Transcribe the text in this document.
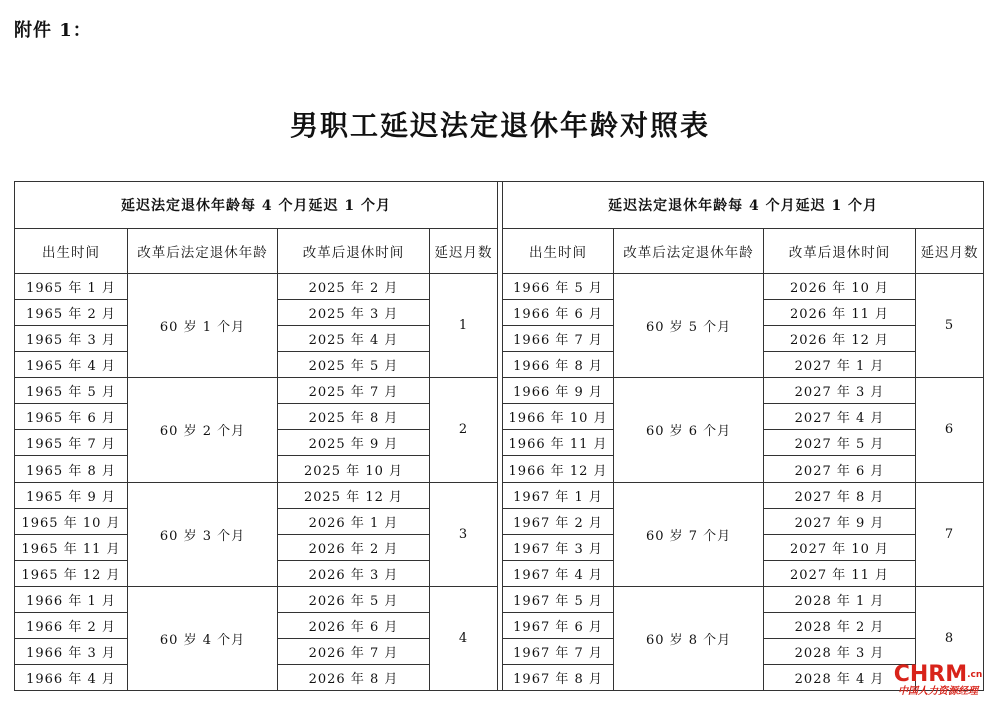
附件 1：
男职工延迟法定退休年龄对照表
延迟法定退休年龄每 4 个月延迟 1 个月					延迟法定退休年龄每 4 个月延迟 1 个月			
出生时间	改革后法定退休年龄	改革后退休时间	延迟月数		出生时间	改革后法定退休年龄	改革后退休时间	延迟月数
1965 年 1 月	60 岁 1 个月	2025 年 2 月	1		1966 年 5 月	60 岁 5 个月	2026 年 10 月	5
1965 年 2 月		2025 年 3 月			1966 年 6 月		2026 年 11 月	
1965 年 3 月		2025 年 4 月			1966 年 7 月		2026 年 12 月	
1965 年 4 月		2025 年 5 月			1966 年 8 月		2027 年 1 月	
1965 年 5 月	60 岁 2 个月	2025 年 7 月	2		1966 年 9 月	60 岁 6 个月	2027 年 3 月	6
1965 年 6 月		2025 年 8 月			1966 年 10 月		2027 年 4 月	
1965 年 7 月		2025 年 9 月			1966 年 11 月		2027 年 5 月	
1965 年 8 月		2025 年 10 月			1966 年 12 月		2027 年 6 月	
1965 年 9 月	60 岁 3 个月	2025 年 12 月	3		1967 年 1 月	60 岁 7 个月	2027 年 8 月	7
1965 年 10 月		2026 年 1 月			1967 年 2 月		2027 年 9 月	
1965 年 11 月		2026 年 2 月			1967 年 3 月		2027 年 10 月	
1965 年 12 月		2026 年 3 月			1967 年 4 月		2027 年 11 月	
1966 年 1 月	60 岁 4 个月	2026 年 5 月	4		1967 年 5 月	60 岁 8 个月	2028 年 1 月	8
1966 年 2 月		2026 年 6 月			1967 年 6 月		2028 年 2 月	
1966 年 3 月		2026 年 7 月			1967 年 7 月		2028 年 3 月	
1966 年 4 月		2026 年 8 月			1967 年 8 月		2028 年 4 月	$CHRM^{.cn}$
中国人力资源经理
